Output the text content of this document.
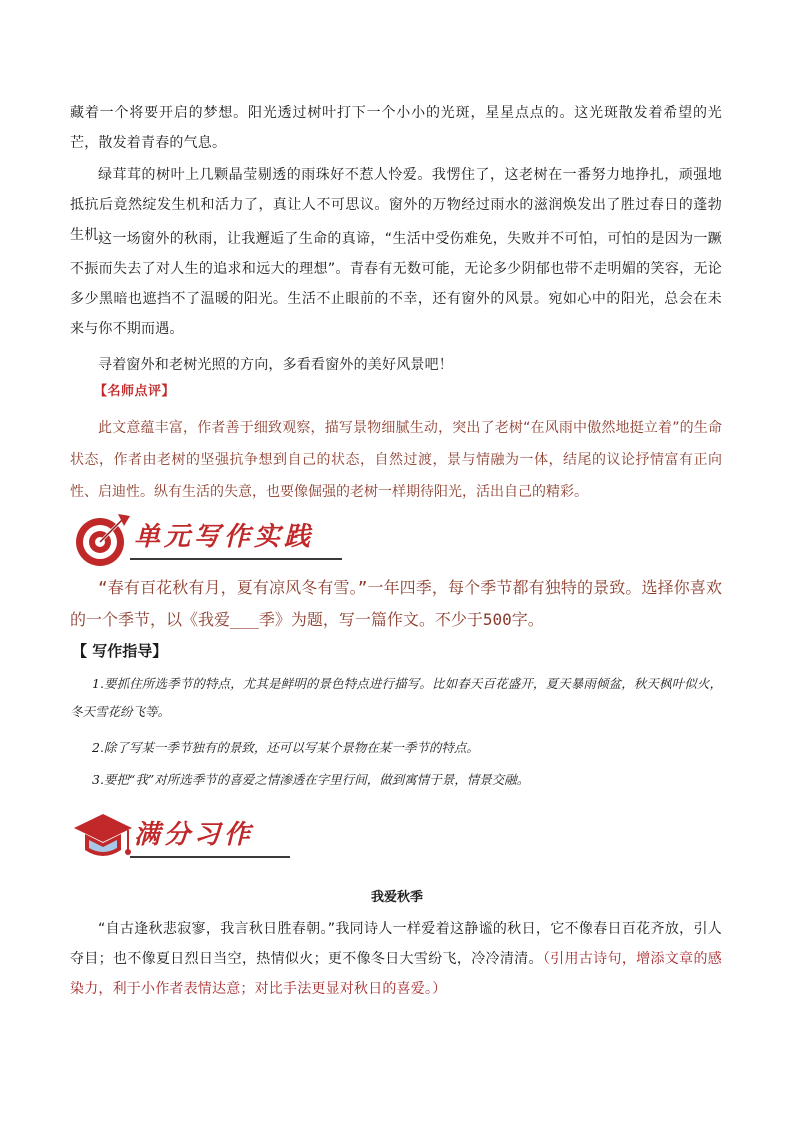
藏着一个将要开启的梦想。阳光透过树叶打下一个小小的光斑，星星点点的。这光斑散发着希望的光芒，散发着青春的气息。

绿茸茸的树叶上几颗晶莹剔透的雨珠好不惹人怜爱。我愣住了，这老树在一番努力地挣扎，顽强地抵抗后竟然绽发生机和活力了，真让人不可思议。窗外的万物经过雨水的滋润焕发出了胜过春日的蓬勃生机。

这一场窗外的秋雨，让我邂逅了生命的真谛，“生活中受伤难免，失败并不可怕，可怕的是因为一蹶不振而失去了对人生的追求和远大的理想”。青春有无数可能，无论多少阴郁也带不走明媚的笑容，无论多少黑暗也遮挡不了温暖的阳光。生活不止眼前的不幸，还有窗外的风景。宛如心中的阳光，总会在未来与你不期而遇。

寻着窗外和老树光照的方向，多看看窗外的美好风景吧！

【名师点评】

此文意蕴丰富，作者善于细致观察，描写景物细腻生动，突出了老树“在风雨中傲然地挺立着”的生命状态，作者由老树的坚强抗争想到自己的状态，自然过渡，景与情融为一体，结尾的议论抒情富有正向性、启迪性。纵有生活的失意，也要像倔强的老树一样期待阳光，活出自己的精彩。

单元写作实践

“春有百花秋有月，夏有凉风冬有雪。”一年四季，每个季节都有独特的景致。选择你喜欢的一个季节，以《我爱___季》为题，写一篇作文。不少于500字。

【 写作指导】

1.要抓住所选季节的特点，尤其是鲜明的景色特点进行描写。比如春天百花盛开，夏天暴雨倾盆，秋天枫叶似火，冬天雪花纷飞等。

2.除了写某一季节独有的景致，还可以写某个景物在某一季节的特点。

3.要把“我”对所选季节的喜爱之情渗透在字里行间，做到寓情于景，情景交融。

满分习作
我爱秋季

“自古逢秋悲寂寥，我言秋日胜春朝。”我同诗人一样爱着这静谧的秋日，它不像春日百花齐放，引人夺目；也不像夏日烈日当空，热情似火；更不像冬日大雪纷飞，冷冷清清。（引用古诗句，增添文章的感染力，利于小作者表情达意；对比手法更显对秋日的喜爱。）
